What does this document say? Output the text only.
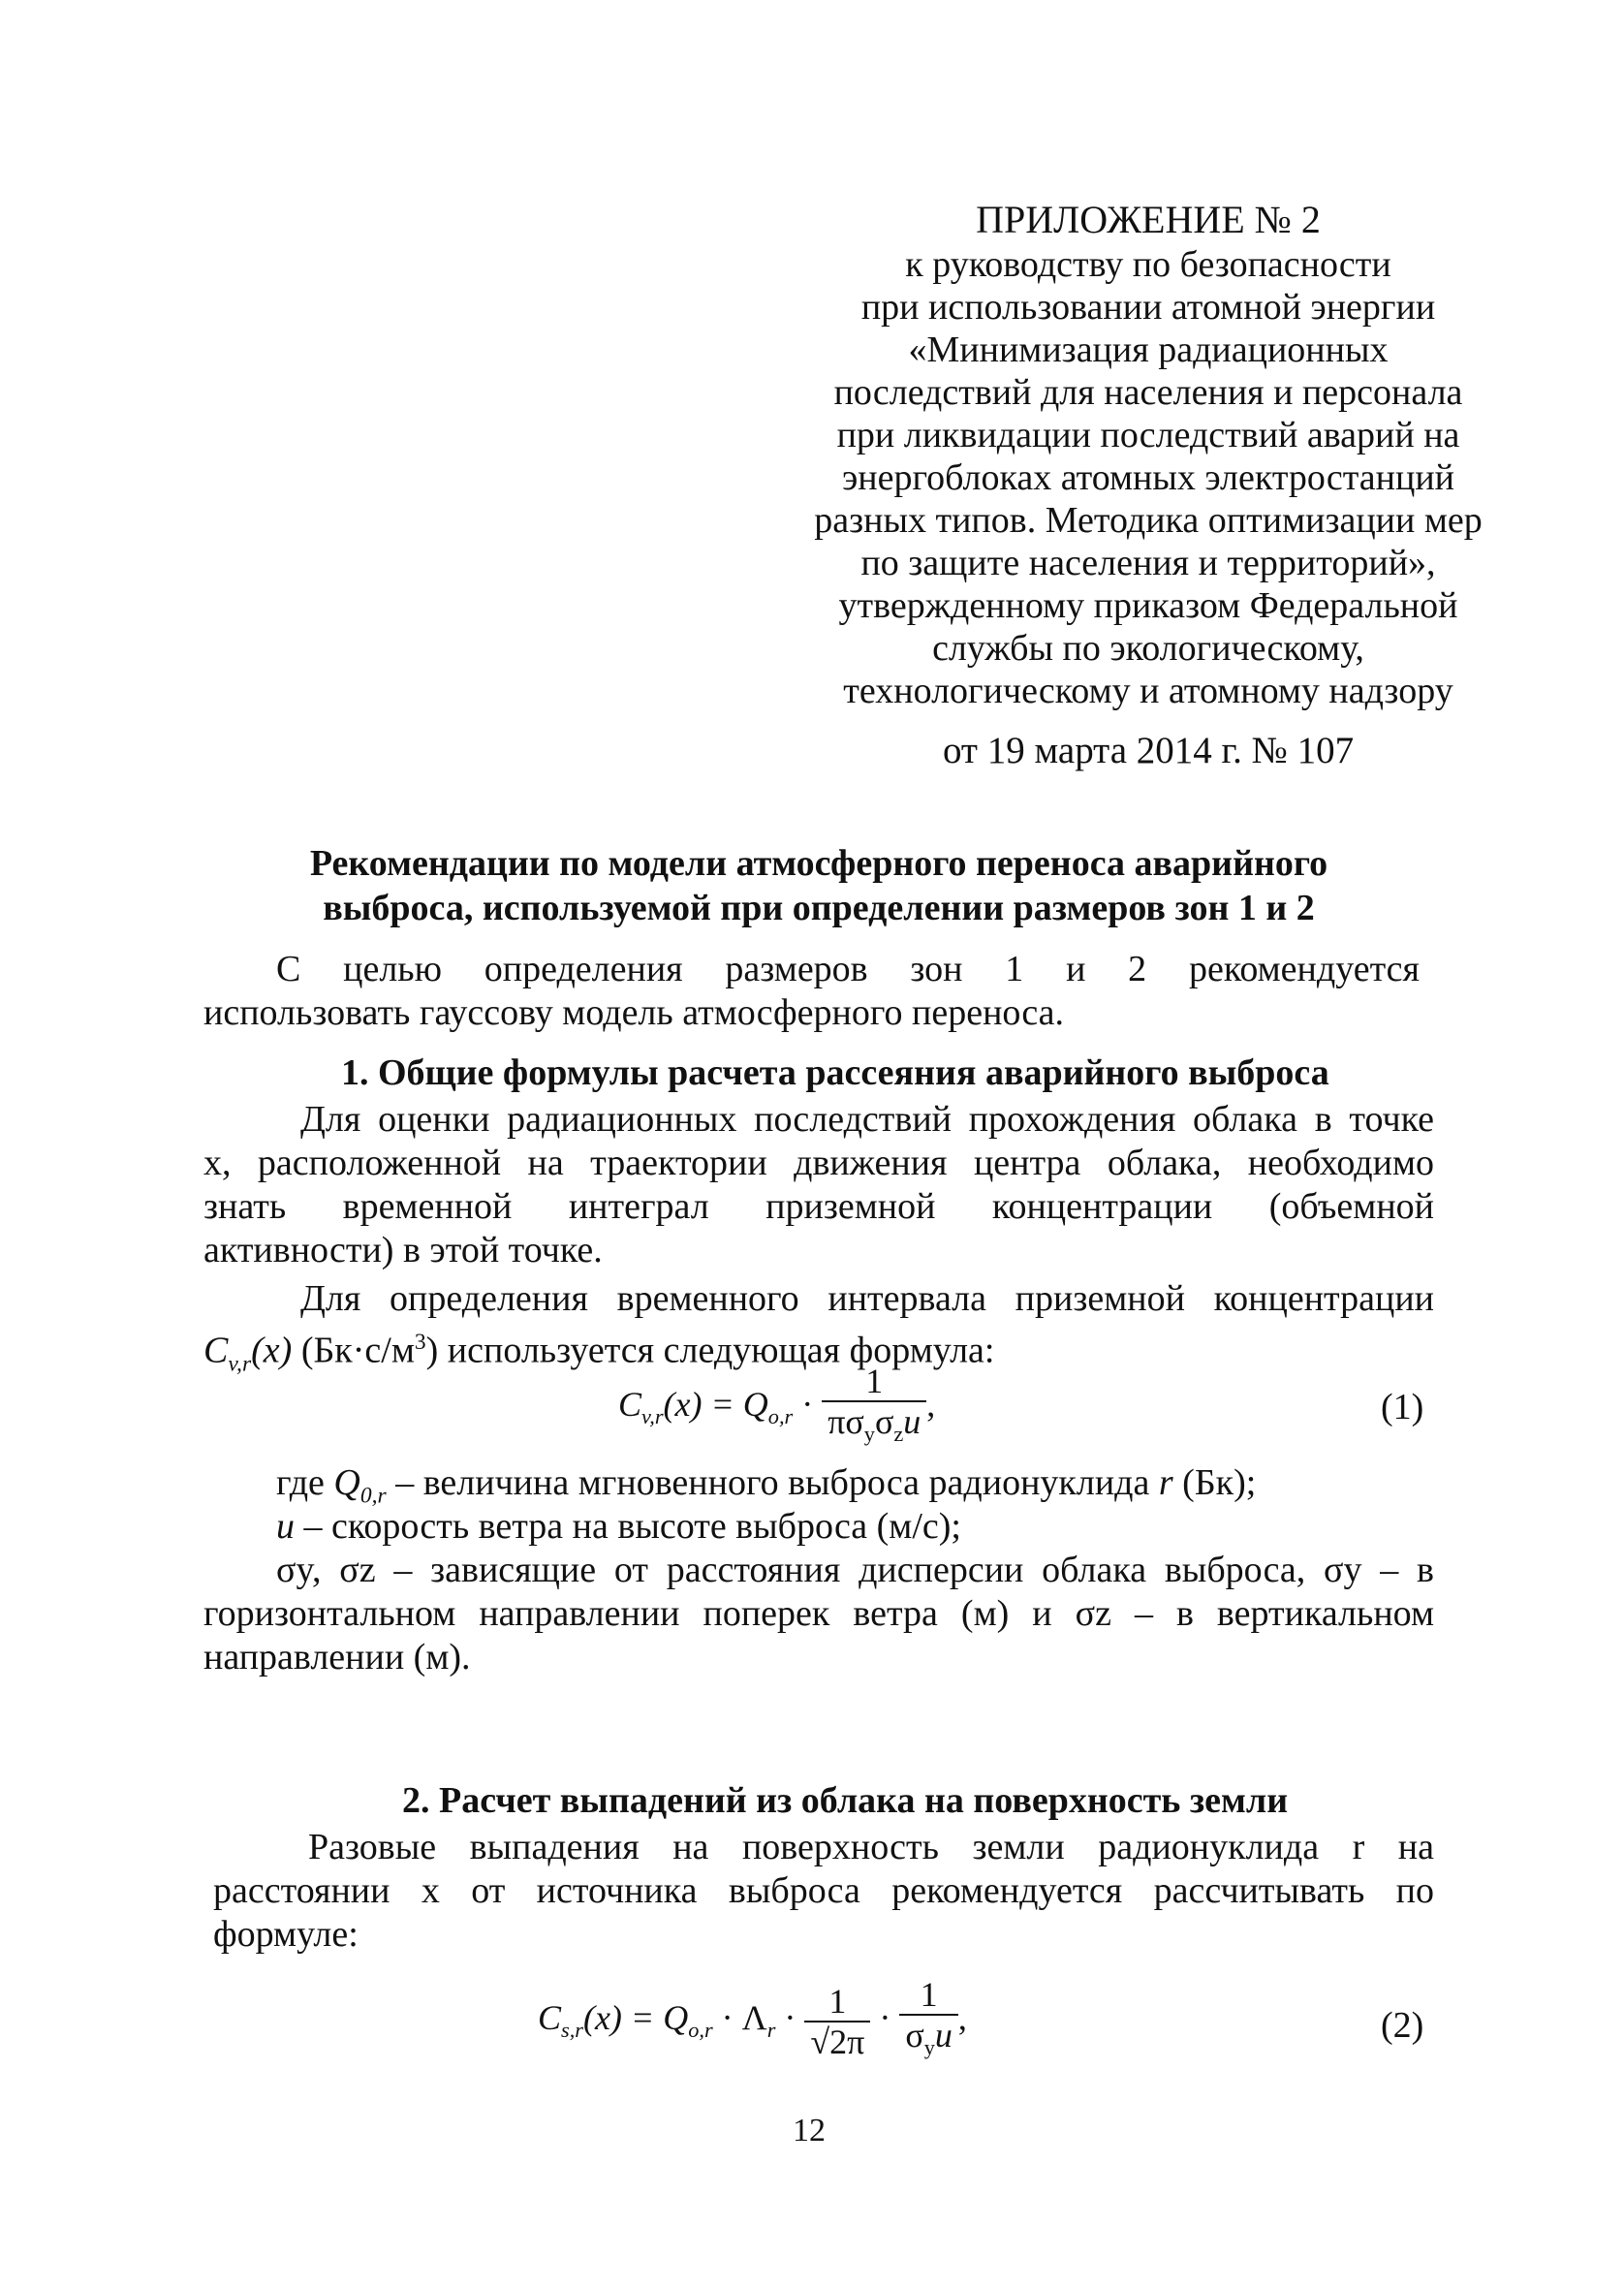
ПРИЛОЖЕНИЕ № 2
к руководству по безопасности
при использовании атомной энергии
«Минимизация радиационных
последствий для населения и персонала
при ликвидации последствий аварий на
энергоблоках атомных электростанций
разных типов. Методика оптимизации мер
по защите населения и территорий»,
утвержденному приказом Федеральной
службы по экологическому,
технологическому и атомному надзору
от 19 марта 2014 г. № 107
Рекомендации по модели атмосферного переноса аварийного
выброса, используемой при определении размеров зон 1 и 2
С целью определения размеров зон 1 и 2 рекомендуется
использовать гауссову модель атмосферного переноса.
1. Общие формулы расчета рассеяния аварийного выброса
Для оценки радиационных последствий прохождения облака в точке
x, расположенной на траектории движения центра облака, необходимо
знать временной интеграл приземной концентрации (объемной
активности) в этой точке.
Для определения временного интервала приземной концентрации
$C_{v,r}(x)$ $(Бк\cdot с/м^3)$ используется следующая формула:
$C_{v,r}(x) = Q_{o,r} \cdot \frac{1}{\pi\sigma_y\sigma_zu}$ ,	(1)
где $Q_{0,r}$ – величина мгновенного выброса радионуклида r (Бк);
u – скорость ветра на высоте выброса (м/с);
σy, σz – зависящие от расстояния дисперсии облака выброса, σy – в
горизонтальном направлении поперек ветра (м) и σz – в вертикальном
направлении (м).
2. Расчет выпадений из облака на поверхность земли
Разовые выпадения на поверхность земли радионуклида r на
расстоянии x от источника выброса рекомендуется рассчитывать по
формуле:
$C_{s,r}(x) = Q_{o,r} \cdot \Lambda_r \cdot \frac{1}{√2\pi} \cdot \frac{1}{\sigma_yu}$ ,	(2)
12
